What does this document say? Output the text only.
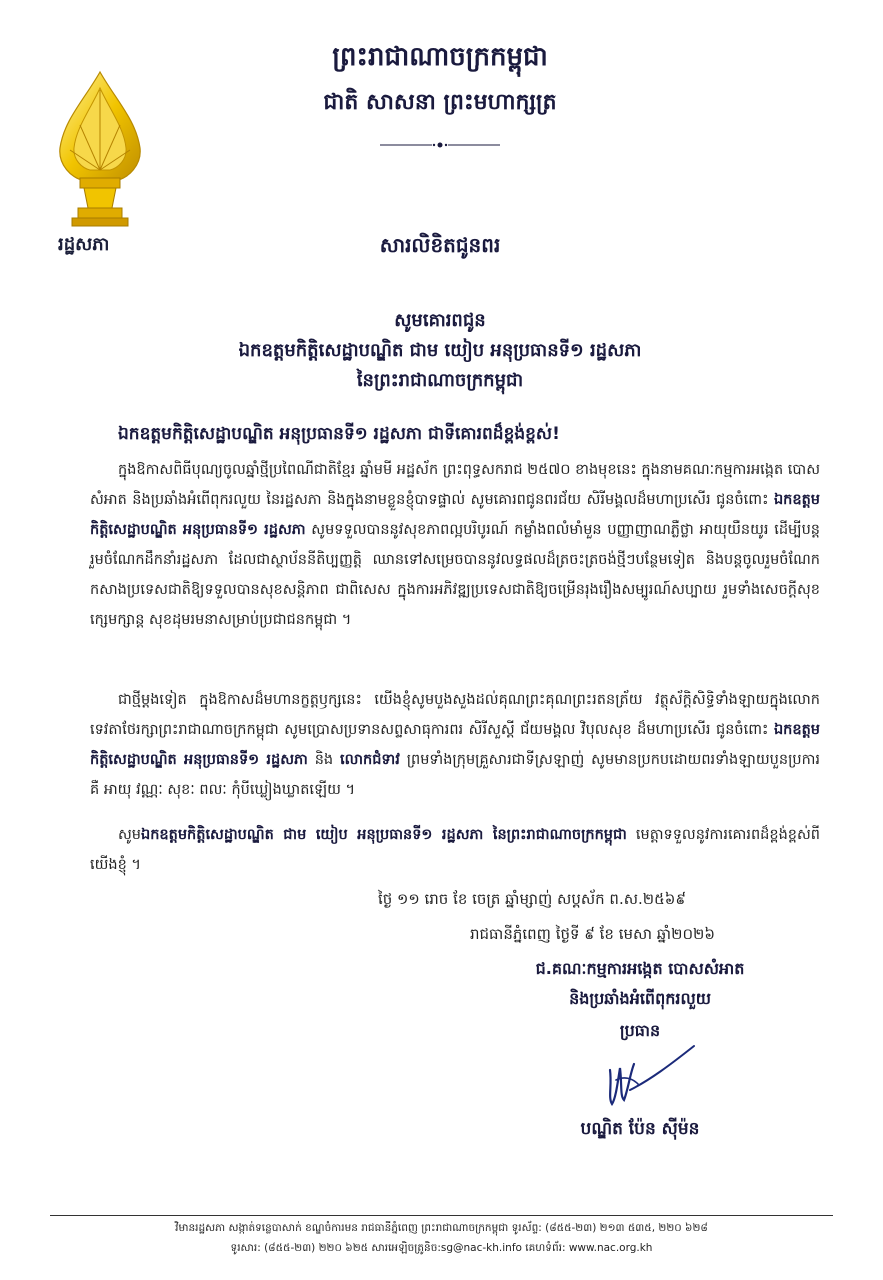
រដ្ឋសភា
ព្រះរាជាណាចក្រកម្ពុជា
ជាតិ សាសនា ព្រះមហាក្សត្រ
សារលិខិតជូនពរ
សូមគោរពជូន
ឯកឧត្តមកិត្តិសេដ្ឋាបណ្ឌិត ជាម យៀប អនុប្រធានទី១ រដ្ឋសភា
នៃព្រះរាជាណាចក្រកម្ពុជា
ឯកឧត្តមកិត្តិសេដ្ឋាបណ្ឌិត អនុប្រធានទី១ រដ្ឋសភា ជាទីគោរពដ៏ខ្ពង់ខ្ពស់!
ក្នុងឱកាសពិធីបុណ្យចូលឆ្នាំថ្មីប្រពៃណីជាតិខ្មែរ ឆ្នាំមមី អដ្ឋស័ក ព្រះពុទ្ធសករាជ ២៥៧០ ខាងមុខនេះ ក្នុងនាមគណៈកម្មការអង្កេត បោសសំអាត និងប្រឆាំងអំពើពុករលួយ នៃរដ្ឋសភា និងក្នុងនាមខ្លួនខ្ញុំបាទផ្ទាល់ សូមគោរពជូនពរជ័យ សិរីមង្គលដ៏មហាប្រសើរ ជូនចំពោះ ឯកឧត្តមកិត្តិសេដ្ឋាបណ្ឌិត អនុប្រធានទី១ រដ្ឋសភា សូមទទួលបាននូវសុខភាពល្អបរិបូរណ៍ កម្លាំងពលំមាំមួន បញ្ញាញាណភ្លឺថ្លា អាយុយឺនយូរ ដើម្បីបន្តរួមចំណែកដឹកនាំរដ្ឋសភា ដែលជាស្ថាប័ននីតិប្បញ្ញត្តិ ឈានទៅសម្រេចបាននូវលទ្ធផលដ៏ត្រចះត្រចង់ថ្មីៗបន្ថែមទៀត និងបន្តចូលរួមចំណែកកសាងប្រទេសជាតិឱ្យទទួលបានសុខសន្តិភាព ជាពិសេស ក្នុងការអភិវឌ្ឍប្រទេសជាតិឱ្យចម្រើនរុងរឿងសម្បូរណ៍សប្បាយ រួមទាំងសេចក្តីសុខក្សេមក្សាន្ត សុខដុមរមនាសម្រាប់ប្រជាជនកម្ពុជា ។
ជាថ្មីម្តងទៀត ក្នុងឱកាសដ៏មហានក្ខត្តឫក្សនេះ យើងខ្ញុំសូមបួងសួងដល់គុណព្រះគុណព្រះរតនត្រ័យ វត្ថុស័ក្តិសិទ្ធិទាំងឡាយក្នុងលោក ទេវតាថែរក្សាព្រះរាជាណាចក្រកម្ពុជា សូមប្រោសប្រទានសព្ទសាធុការពរ សិរីសួស្តី ជ័យមង្គល វិបុលសុខ ដ៏មហាប្រសើរ ជូនចំពោះ ឯកឧត្តមកិត្តិសេដ្ឋាបណ្ឌិត អនុប្រធានទី១ រដ្ឋសភា និង លោកជំទាវ ព្រមទាំងក្រុមគ្រួសារជាទីស្រឡាញ់ សូមមានប្រកបដោយពរទាំងឡាយបួនប្រការ គឺ អាយុ វណ្ណៈ សុខៈ ពលៈ កុំបីឃ្លៀងឃ្លាតឡើយ ។
សូមឯកឧត្តមកិត្តិសេដ្ឋាបណ្ឌិត ជាម យៀប អនុប្រធានទី១ រដ្ឋសភា នៃព្រះរាជាណាចក្រកម្ពុជា មេត្តាទទួលនូវការគោរពដ៏ខ្ពង់ខ្ពស់ពីយើងខ្ញុំ ។
ថ្ងៃ ១១ រោច ខែ ចេត្រ ឆ្នាំម្សាញ់ សប្តស័ក ព.ស.២៥៦៩
រាជធានីភ្នំពេញ ថ្ងៃទី ៩ ខែ មេសា ឆ្នាំ២០២៦
ជ.គណៈកម្មការអង្កេត បោសសំអាត
និងប្រឆាំងអំពើពុករលួយ
ប្រធាន
បណ្ឌិត ប៉ែន ស៊ីម៉ន
វិមានរដ្ឋសភា សង្កាត់ទន្លេបាសាក់ ខណ្ឌចំការមន រាជធានីភ្នំពេញ ព្រះរាជាណាចក្រកម្ពុជា ទូរស័ព្ទ: (៨៥៥-២៣) ២១៣ ៥៣៥, ២២០ ៦២៨
ទូរសារ: (៨៥៥-២៣) ២២០ ៦២៥ សារអេឡិចត្រូនិច:sg@nac-kh.info គេហទំព័រ: www.nac.org.kh
